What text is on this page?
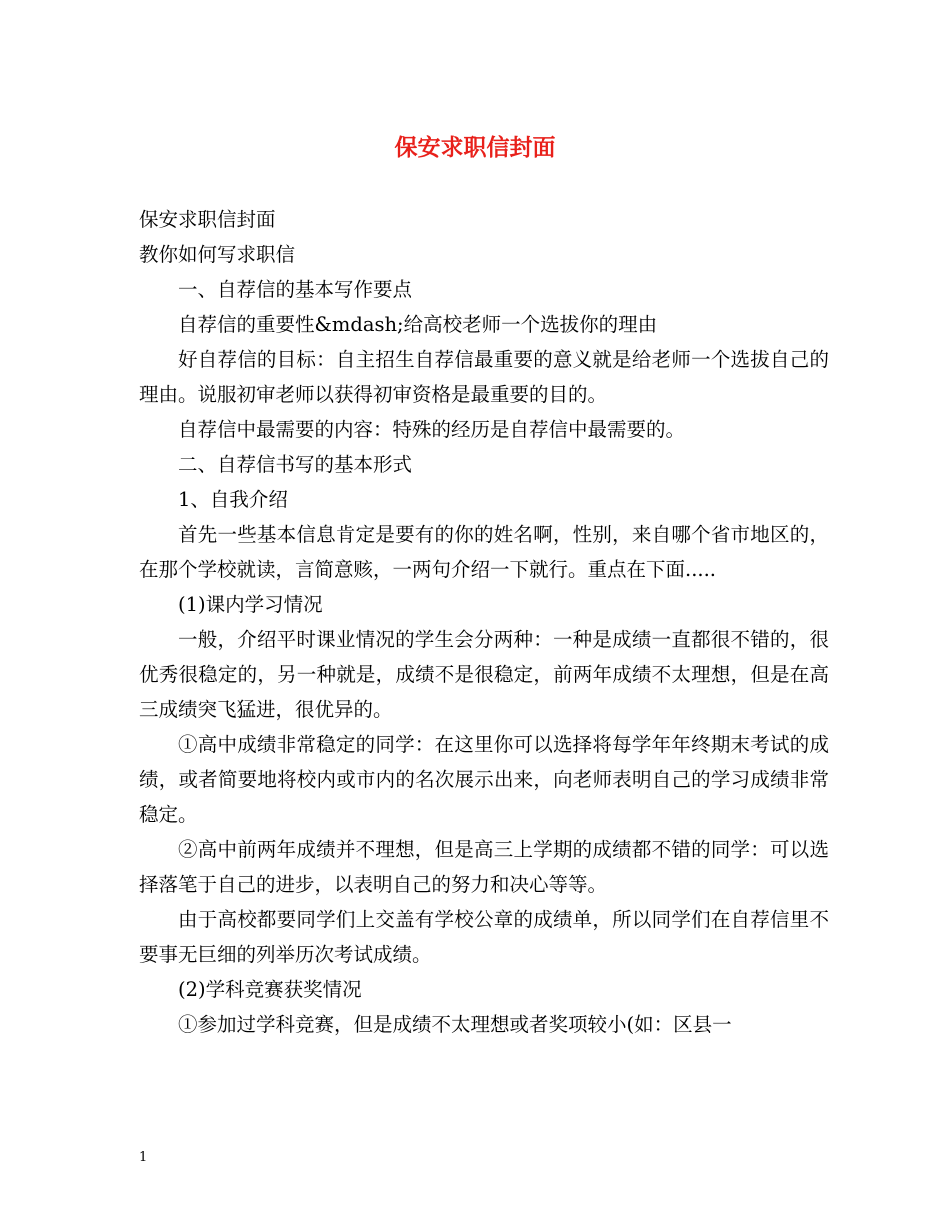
保安求职信封面

保安求职信封面

教你如何写求职信

一、自荐信的基本写作要点

自荐信的重要性&mdash;给高校老师一个选拔你的理由

好自荐信的目标：自主招生自荐信最重要的意义就是给老师一个选拔自己的理由。说服初审老师以获得初审资格是最重要的目的。

自荐信中最需要的内容：特殊的经历是自荐信中最需要的。

二、自荐信书写的基本形式

1、自我介绍

首先一些基本信息肯定是要有的你的姓名啊，性别，来自哪个省市地区的，在那个学校就读，言简意赅，一两句介绍一下就行。重点在下面.....

(1)课内学习情况

一般，介绍平时课业情况的学生会分两种：一种是成绩一直都很不错的，很优秀很稳定的，另一种就是，成绩不是很稳定，前两年成绩不太理想，但是在高三成绩突飞猛进，很优异的。

①高中成绩非常稳定的同学：在这里你可以选择将每学年年终期末考试的成绩，或者简要地将校内或市内的名次展示出来，向老师表明自己的学习成绩非常稳定。

②高中前两年成绩并不理想，但是高三上学期的成绩都不错的同学：可以选择落笔于自己的进步，以表明自己的努力和决心等等。

由于高校都要同学们上交盖有学校公章的成绩单，所以同学们在自荐信里不要事无巨细的列举历次考试成绩。

(2)学科竞赛获奖情况

①参加过学科竞赛，但是成绩不太理想或者奖项较小(如：区县一

1
